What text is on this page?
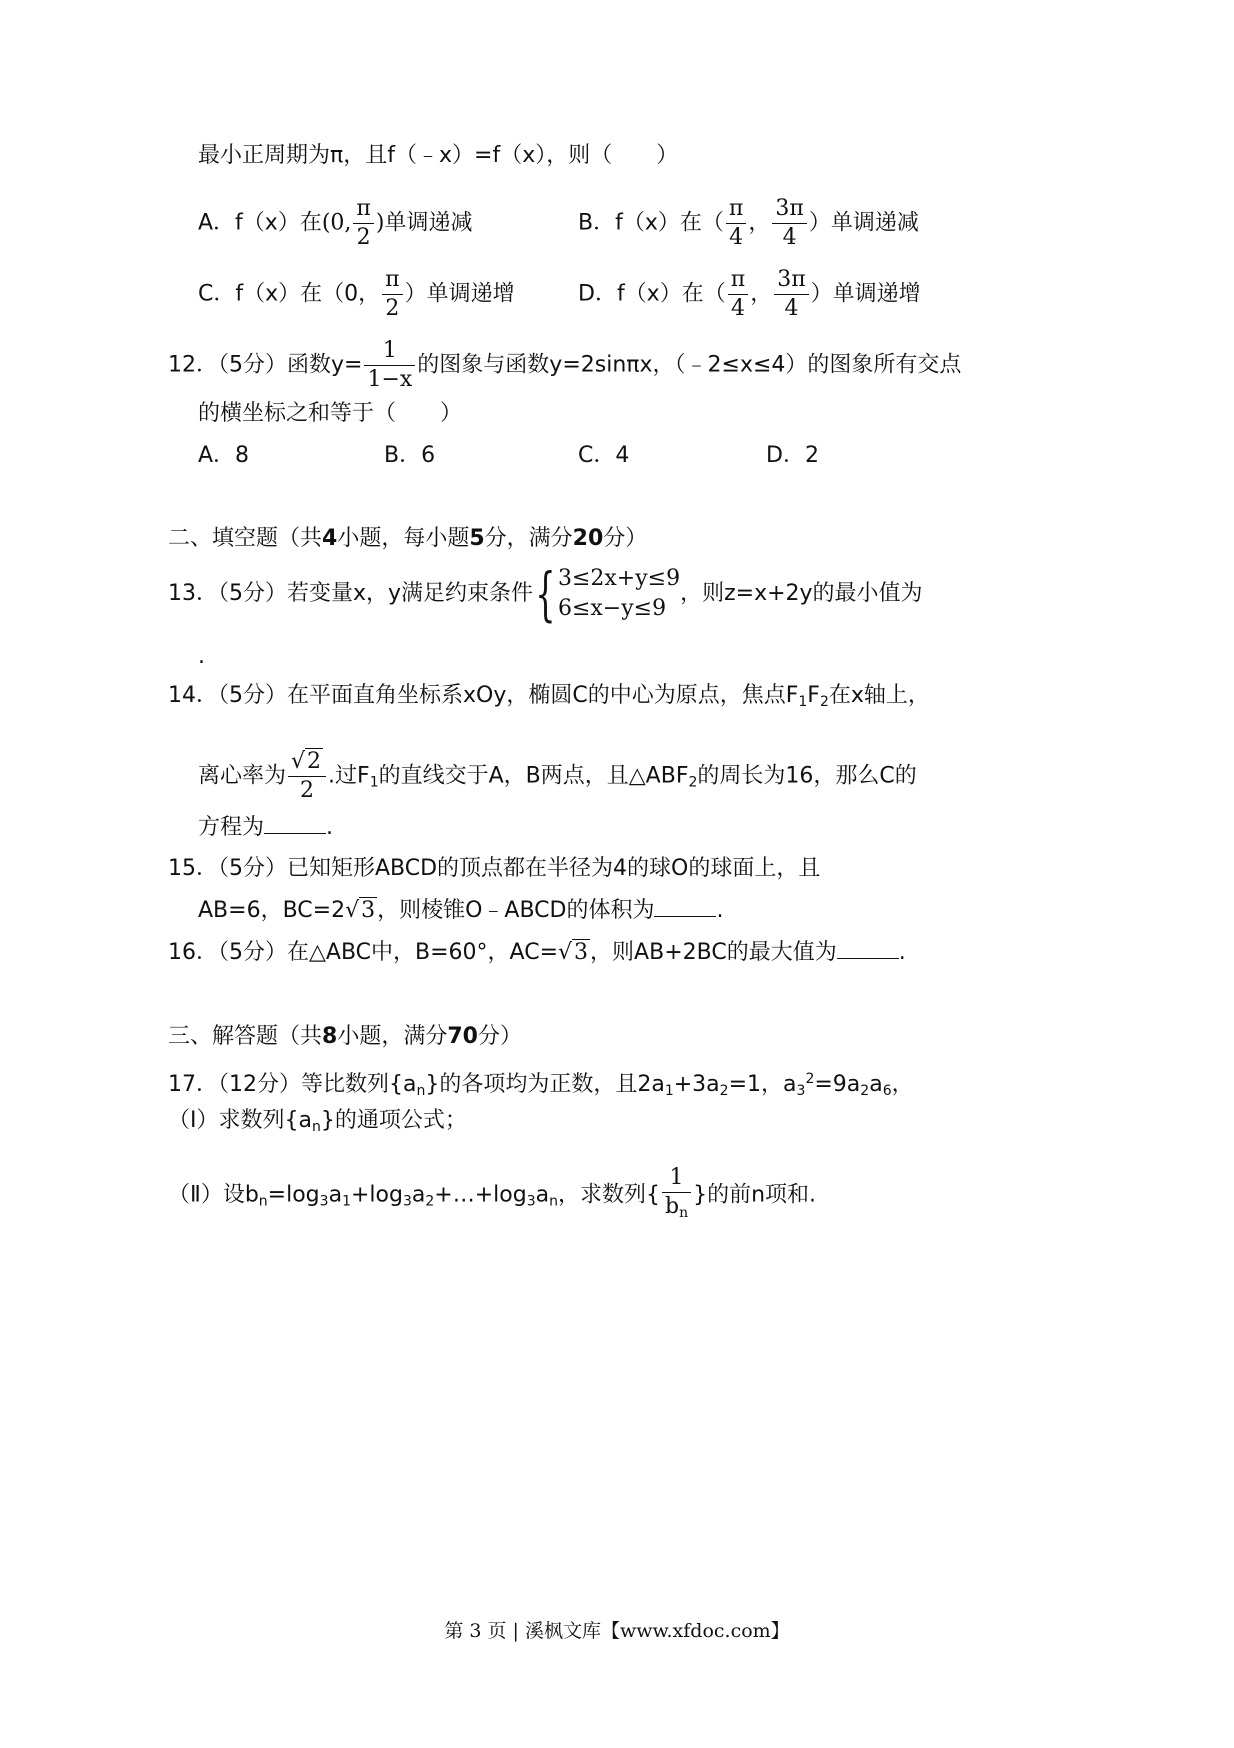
最小正周期为π，且f（﹣x）=f（x），则（　　）
A．f（x）在(0, $\frac{\pi}{2}$ )单调递减	B．f（x）在（ $\frac{\pi}{4}$ ， $\frac{3\pi}{4}$ ）单调递减
C．f（x）在（0， $\frac{\pi}{2}$ ）单调递增	D．f（x）在（ $\frac{\pi}{4}$ ， $\frac{3\pi}{4}$ ）单调递增
12．（5分）函数$y= \frac{1}{1-x}$ 的图象与函数y=2sinπx，（﹣2≤x≤4）的图象所有交点
的横坐标之和等于（　　）
A．8	B．6	C．4	D．2
二、填空题（共4小题，每小题5分，满分20分）
13．（5分）若变量x，y满足约束条件{ 3≤2x+y≤9
6≤x−y≤9
，则z=x+2y的最小值为
.
14．（5分）在平面直角坐标系xOy，椭圆C的中心为原点，焦点$F_1F_2$在x轴上，
离心率为 $\frac{√2}{2}$ .过$F_1$的直线交于A，B两点，且$\triangle ABF_2$的周长为16，那么C的
方程为	.
15．（5分）已知矩形ABCD的顶点都在半径为4的球O的球面上，且
AB=6，BC=2√3，则棱锥O﹣ABCD的体积为	.
16．（5分）在△ABC中，B=60°，AC=√3，则AB+2BC的最大值为	.
三、解答题（共8小题，满分70分）
17．（12分）等比数列$\{a_n\}$的各项均为正数，且$2a_1+3a_2=1$，$a_3^2=9a_2a_6$，
（Ⅰ）求数列$\{a_n\}$的通项公式；
（Ⅱ）设$b_n=\log_3a_1+\log_3a_2+\dots+\log_3a_n$，求数列{ $\frac{1}{b_n}$ }的前n项和.
第 3 页 | 溪枫文库【www.xfdoc.com】
